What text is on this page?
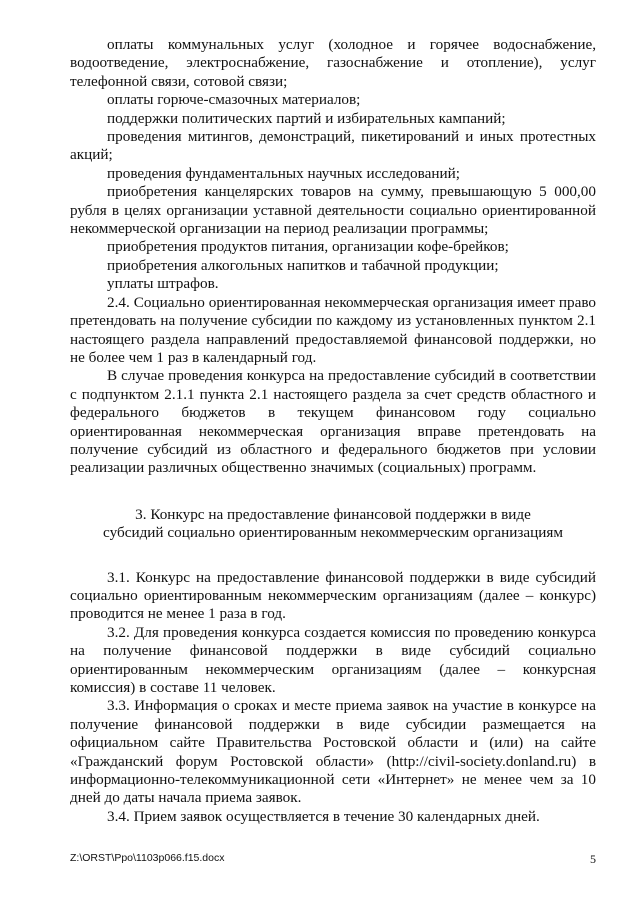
оплаты коммунальных услуг (холодное и горячее водоснабжение, водоотведение, электроснабжение, газоснабжение и отопление), услуг телефонной связи, сотовой связи;

оплаты горюче-смазочных материалов;

поддержки политических партий и избирательных кампаний;

проведения митингов, демонстраций, пикетирований и иных протестных акций;

проведения фундаментальных научных исследований;

приобретения канцелярских товаров на сумму, превышающую 5 000,00 рубля в целях организации уставной деятельности социально ориентированной некоммерческой организации на период реализации программы;

приобретения продуктов питания, организации кофе-брейков;

приобретения алкогольных напитков и табачной продукции;

уплаты штрафов.

2.4. Социально ориентированная некоммерческая организация имеет право претендовать на получение субсидии по каждому из установленных пунктом 2.1 настоящего раздела направлений предоставляемой финансовой поддержки, но не более чем 1 раз в календарный год.

В случае проведения конкурса на предоставление субсидий в соответствии с подпунктом 2.1.1 пункта 2.1 настоящего раздела за счет средств областного и федерального бюджетов в текущем финансовом году социально ориентированная некоммерческая организация вправе претендовать на получение субсидий из областного и федерального бюджетов при условии реализации различных общественно значимых (социальных) программ.

3. Конкурс на предоставление финансовой поддержки в виде
субсидий социально ориентированным некоммерческим организациям

3.1. Конкурс на предоставление финансовой поддержки в виде субсидий социально ориентированным некоммерческим организациям (далее – конкурс) проводится не менее 1 раза в год.

3.2. Для проведения конкурса создается комиссия по проведению конкурса на получение финансовой поддержки в виде субсидий социально ориентированным некоммерческим организациям (далее – конкурсная комиссия) в составе 11 человек.

3.3. Информация о сроках и месте приема заявок на участие в конкурсе на получение финансовой поддержки в виде субсидии размещается на официальном сайте Правительства Ростовской области и (или) на сайте «Гражданский форум Ростовской области» (http://civil-society.donland.ru) в информационно-телекоммуникационной сети «Интернет» не менее чем за 10 дней до даты начала приема заявок.

3.4. Прием заявок осуществляется в течение 30 календарных дней.

Z:\ORST\Ppo\1103p066.f15.docx	5
